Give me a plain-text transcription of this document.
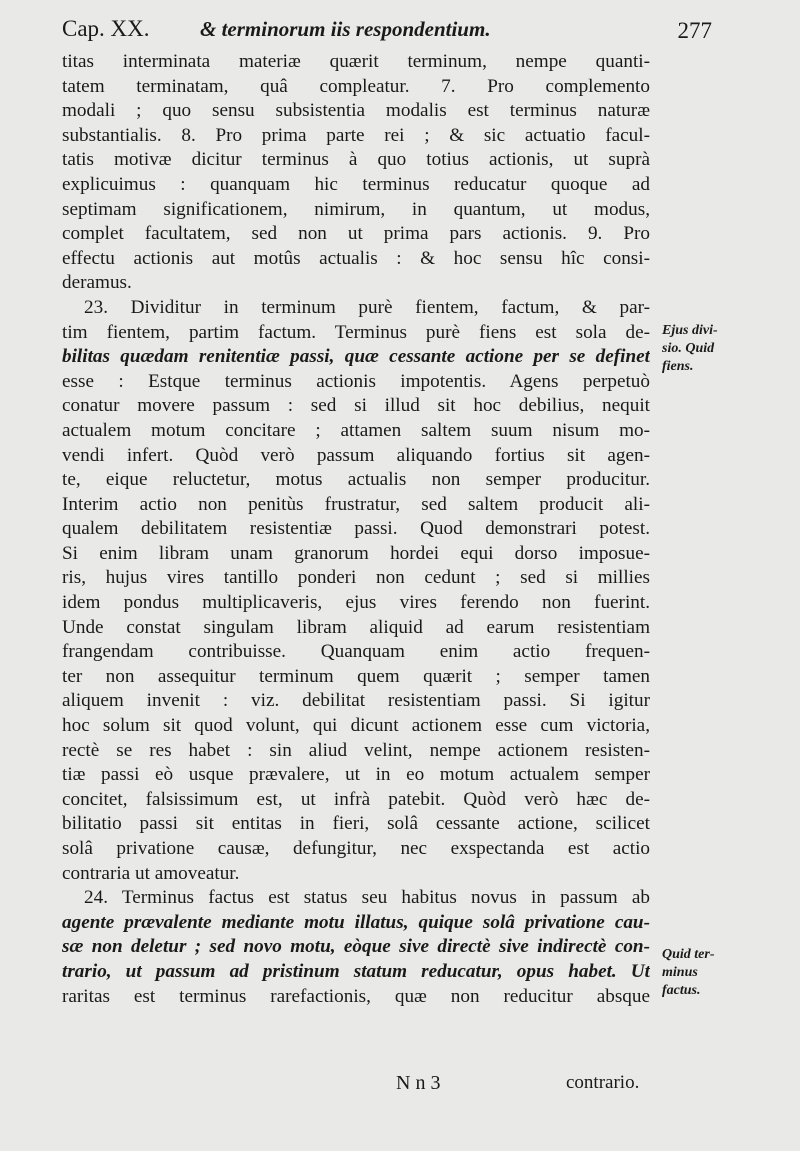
Cap. XX. & terminorum iis respondentium.	277
titas interminata materiæ quærit terminum, nempe quanti-
tatem terminatam, quâ compleatur. 7. Pro complemento
modali ; quo sensu subsistentia modalis est terminus naturæ
substantialis. 8. Pro prima parte rei ; & sic actuatio facul-
tatis motivæ dicitur terminus à quo totius actionis, ut suprà
explicuimus : quanquam hic terminus reducatur quoque ad
septimam significationem, nimirum, in quantum, ut modus,
complet facultatem, sed non ut prima pars actionis. 9. Pro
effectu actionis aut motûs actualis : & hoc sensu hîc consi-
deramus.
23. Dividitur in terminum purè fientem, factum, & par-
tim fientem, partim factum. Terminus purè fiens est sola de-
bilitas quædam renitentiæ passi, quæ cessante actione per se definet
esse : Estque terminus actionis impotentis. Agens perpetuò
conatur movere passum : sed si illud sit hoc debilius, nequit
actualem motum concitare ; attamen saltem suum nisum mo-
vendi infert. Quòd verò passum aliquando fortius sit agen-
te, eique reluctetur, motus actualis non semper producitur.
Interim actio non penitùs frustratur, sed saltem producit ali-
qualem debilitatem resistentiæ passi. Quod demonstrari potest.
Si enim libram unam granorum hordei equi dorso imposue-
ris, hujus vires tantillo ponderi non cedunt ; sed si millies
idem pondus multiplicaveris, ejus vires ferendo non fuerint.
Unde constat singulam libram aliquid ad earum resistentiam
frangendam contribuisse. Quanquam enim actio frequen-
ter non assequitur terminum quem quærit ; semper tamen
aliquem invenit : viz. debilitat resistentiam passi. Si igitur
hoc solum sit quod volunt, qui dicunt actionem esse cum victoria,
rectè se res habet : sin aliud velint, nempe actionem resisten-
tiæ passi eò usque prævalere, ut in eo motum actualem semper
concitet, falsissimum est, ut infrà patebit. Quòd verò hæc de-
bilitatio passi sit entitas in fieri, solâ cessante actione, scilicet
solâ privatione causæ, defungitur, nec exspectanda est actio
contraria ut amoveatur.
24. Terminus factus est status seu habitus novus in passum ab
agente prævalente mediante motu illatus, quique solâ privatione cau-
sæ non deletur ; sed novo motu, eòque sive directè sive indirectè con-
trario, ut passum ad pristinum statum reducatur, opus habet. Ut
raritas est terminus rarefactionis, quæ non reducitur absque
Ejus divi-
sio. Quid
fiens.
Quid ter-
minus
factus.
N n 3	contrario.
